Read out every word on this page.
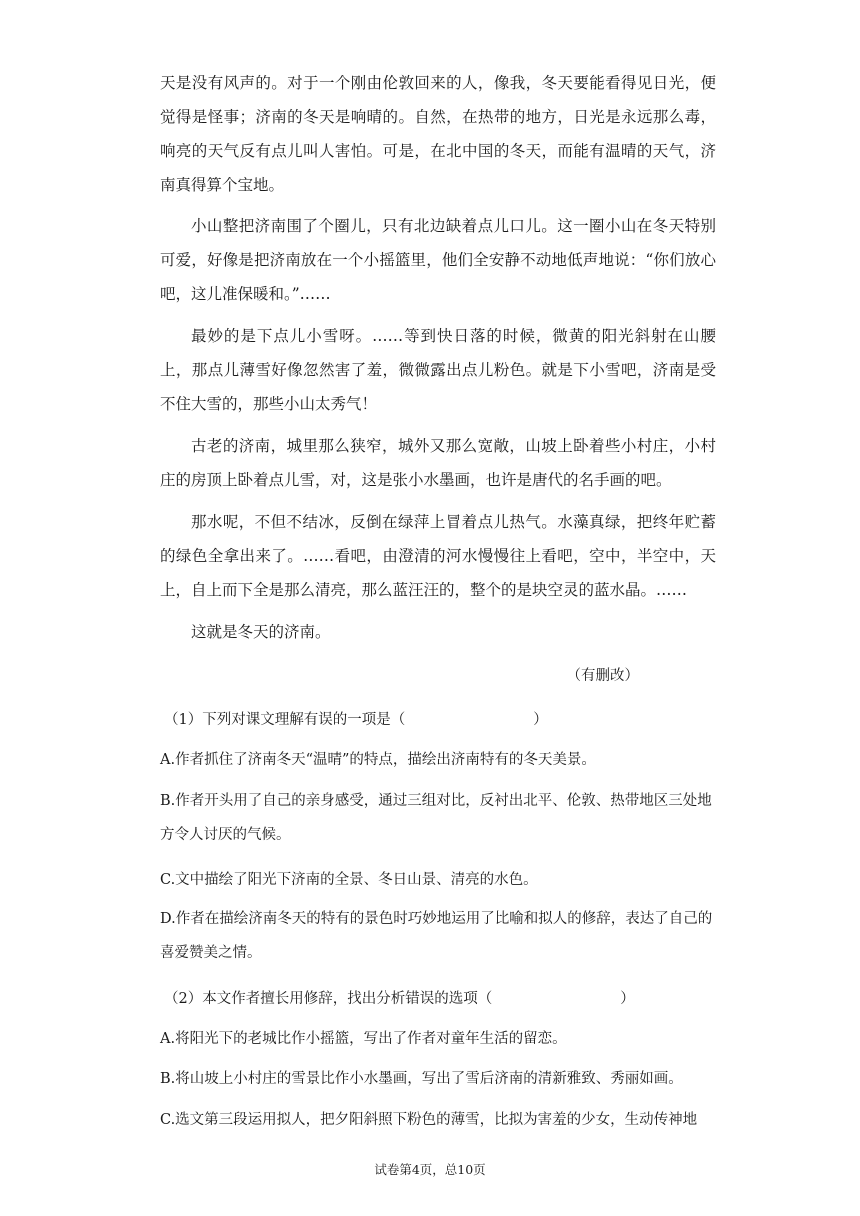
天是没有风声的。对于一个刚由伦敦回来的人，像我，冬天要能看得见日光，便觉得是怪事；济南的冬天是响晴的。自然，在热带的地方，日光是永远那么毒，响亮的天气反有点儿叫人害怕。可是，在北中国的冬天，而能有温晴的天气，济南真得算个宝地。

小山整把济南围了个圈儿，只有北边缺着点儿口儿。这一圈小山在冬天特别可爱，好像是把济南放在一个小摇篮里，他们全安静不动地低声地说：“你们放心吧，这儿准保暖和。”……

最妙的是下点儿小雪呀。……等到快日落的时候，微黄的阳光斜射在山腰上，那点儿薄雪好像忽然害了羞，微微露出点儿粉色。就是下小雪吧，济南是受不住大雪的，那些小山太秀气！

古老的济南，城里那么狭窄，城外又那么宽敞，山坡上卧着些小村庄，小村庄的房顶上卧着点儿雪，对，这是张小水墨画，也许是唐代的名手画的吧。

那水呢，不但不结冰，反倒在绿萍上冒着点儿热气。水藻真绿，把终年贮蓄的绿色全拿出来了。……看吧，由澄清的河水慢慢往上看吧，空中，半空中，天上，自上而下全是那么清亮，那么蓝汪汪的，整个的是块空灵的蓝水晶。……

这就是冬天的济南。

（有删改）

（1）下列对课文理解有误的一项是（	）

A.作者抓住了济南冬天“温晴”的特点，描绘出济南特有的冬天美景。

B.作者开头用了自己的亲身感受，通过三组对比，反衬出北平、伦敦、热带地区三处地方令人讨厌的气候。

C.文中描绘了阳光下济南的全景、冬日山景、清亮的水色。

D.作者在描绘济南冬天的特有的景色时巧妙地运用了比喻和拟人的修辞，表达了自己的喜爱赞美之情。

（2）本文作者擅长用修辞，找出分析错误的选项（	）

A.将阳光下的老城比作小摇篮，写出了作者对童年生活的留恋。

B.将山坡上小村庄的雪景比作小水墨画，写出了雪后济南的清新雅致、秀丽如画。

C.选文第三段运用拟人，把夕阳斜照下粉色的薄雪，比拟为害羞的少女，生动传神地

试卷第4页，总10页
